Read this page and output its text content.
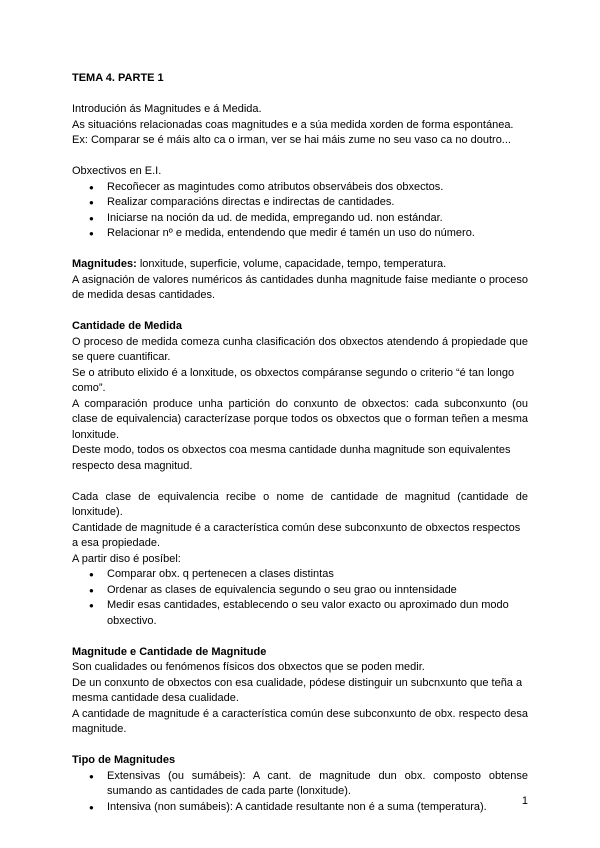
TEMA 4. PARTE 1

Introdución ás Magnitudes e á Medida.

As situacións relacionadas coas magnitudes e a súa medida xorden de forma espontánea.

Ex: Comparar se é máis alto ca o irman, ver se hai máis zume no seu vaso ca no doutro...

Obxectivos en E.I.

● Recoñecer as magintudes como atributos observábeis dos obxectos.
● Realizar comparacións directas e indirectas de cantidades.
● Iniciarse na noción da ud. de medida, empregando ud. non estándar.
● Relacionar nº e medida, entendendo que medir é tamén un uso do número.

Magnitudes: lonxitude, superficie, volume, capacidade, tempo, temperatura.

A asignación de valores numéricos ás cantidades dunha magnitude faise mediante o proceso de medida desas cantidades.

Cantidade de Medida

O proceso de medida comeza cunha clasificación dos obxectos atendendo á propiedade que se quere cuantificar.

Se o atributo elixido é a lonxitude, os obxectos compáranse segundo o criterio “é tan longo como”.

A comparación produce unha partición do conxunto de obxectos: cada subconxunto (ou clase de equivalencia) caracterízase porque todos os obxectos que o forman teñen a mesma lonxitude.

Deste modo, todos os obxectos coa mesma cantidade dunha magnitude son equivalentes respecto desa magnitud.

Cada clase de equivalencia recibe o nome de cantidade de magnitud (cantidade de lonxitude).

Cantidade de magnitude é a característica común dese subconxunto de obxectos respectos a esa propiedade.

A partir diso é posíbel:

● Comparar obx. q pertenecen a clases distintas
● Ordenar as clases de equivalencia segundo o seu grao ou inntensidade
● Medir esas cantidades, establecendo o seu valor exacto ou aproximado dun modo obxectivo.

Magnitude e Cantidade de Magnitude

Son cualidades ou fenómenos físicos dos obxectos que se poden medir.

De un conxunto de obxectos con esa cualidade, pódese distinguir un subcnxunto que teña a mesma cantidade desa cualidade.

A cantidade de magnitude é a característica común dese subconxunto de obx. respecto desa magnitude.

Tipo de Magnitudes

● Extensivas (ou sumábeis): A cant. de magnitude dun obx. composto obtense sumando as cantidades de cada parte (lonxitude).
● Intensiva (non sumábeis): A cantidade resultante non é a suma (temperatura).	1
